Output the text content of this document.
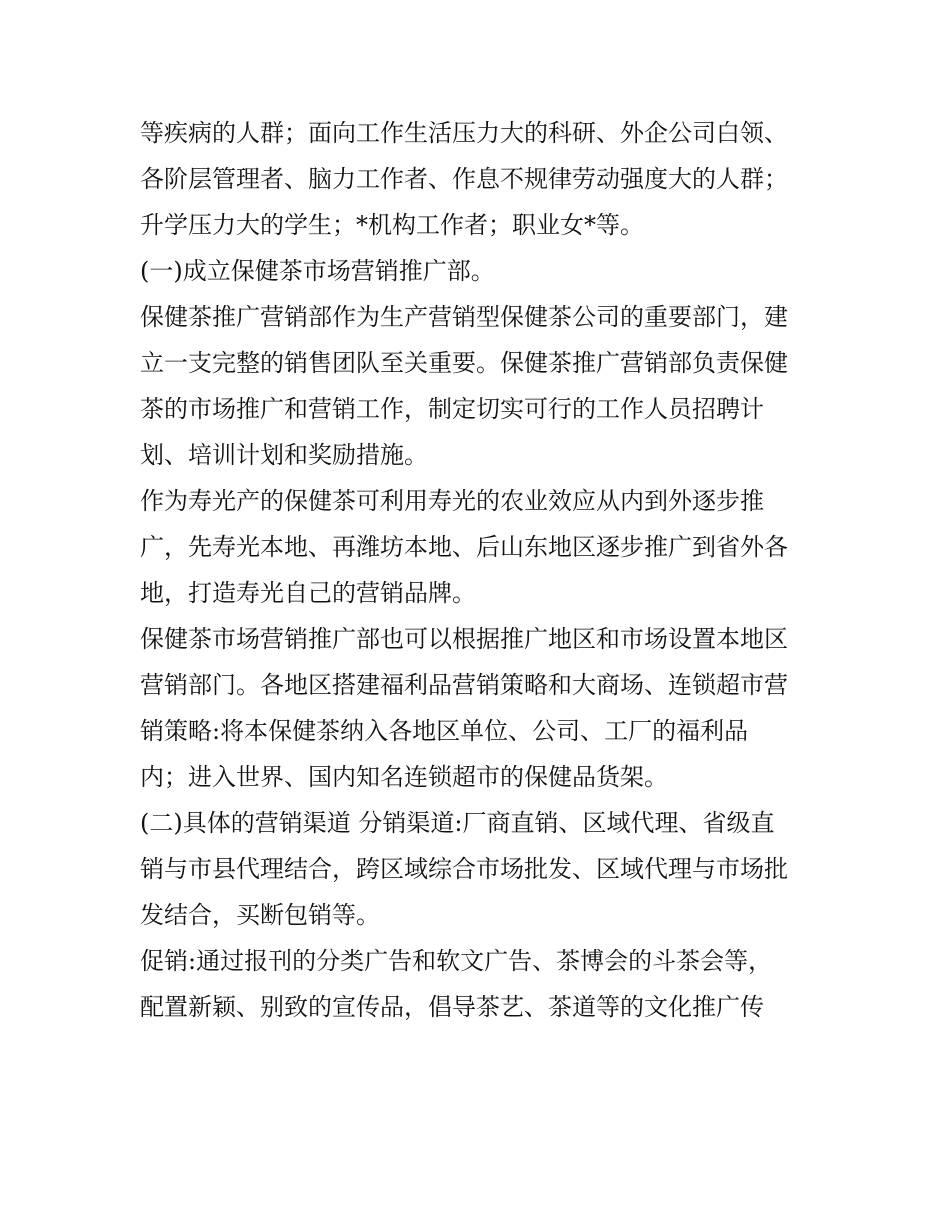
等疾病的人群；面向工作生活压力大的科研、外企公司白领、
各阶层管理者、脑力工作者、作息不规律劳动强度大的人群；
升学压力大的学生；*机构工作者；职业女*等。
(一)成立保健茶市场营销推广部。
保健茶推广营销部作为生产营销型保健茶公司的重要部门，建
立一支完整的销售团队至关重要。保健茶推广营销部负责保健
茶的市场推广和营销工作，制定切实可行的工作人员招聘计
划、培训计划和奖励措施。
作为寿光产的保健茶可利用寿光的农业效应从内到外逐步推
广，先寿光本地、再潍坊本地、后山东地区逐步推广到省外各
地，打造寿光自己的营销品牌。
保健茶市场营销推广部也可以根据推广地区和市场设置本地区
营销部门。各地区搭建福利品营销策略和大商场、连锁超市营
销策略:将本保健茶纳入各地区单位、公司、工厂的福利品
内；进入世界、国内知名连锁超市的保健品货架。
(二)具体的营销渠道 分销渠道:厂商直销、区域代理、省级直
销与市县代理结合，跨区域综合市场批发、区域代理与市场批
发结合，买断包销等。
促销:通过报刊的分类广告和软文广告、茶博会的斗茶会等，
配置新颖、别致的宣传品，倡导茶艺、茶道等的文化推广传
